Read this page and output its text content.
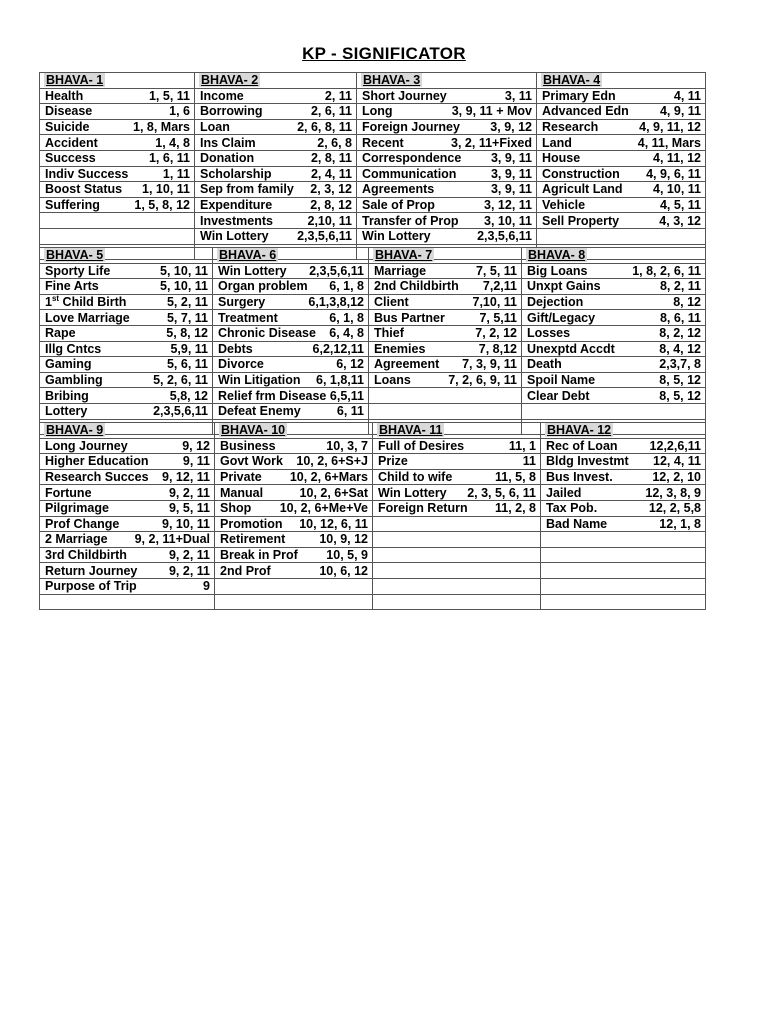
KP - SIGNIFICATOR
BHAVA- 1	BHAVA- 2	BHAVA- 3	BHAVA- 4

Health 1, 5, 11	Income 2, 11	Short Journey 3, 11	Primary Edn 4, 11

Disease 1, 6	Borrowing 2, 6, 11	Long 3, 9, 11 + Mov	Advanced Edn 4, 9, 11

Suicide 1, 8, Mars	Loan 2, 6, 8, 11	Foreign Journey 3, 9, 12	Research 4, 9, 11, 12

Accident 1, 4, 8	Ins Claim 2, 6, 8	Recent 3, 2, 11+Fixed	Land 4, 11, Mars

Success 1, 6, 11	Donation 2, 8, 11	Correspondence 3, 9, 11	House 4, 11, 12

Indiv Success 1, 11	Scholarship 2, 4, 11	Communication 3, 9, 11	Construction 4, 9, 6, 11

Boost Status 1, 10, 11	Sep from family 2, 3, 12	Agreements 3, 9, 11	Agricult Land 4, 10, 11

Suffering 1, 5, 8, 12	Expenditure 2, 8, 12	Sale of Prop 3, 12, 11	Vehicle 4, 5, 11

	Investments 2,10, 11	Transfer of Prop 3, 10, 11	Sell Property 4, 3, 12

	Win Lottery 2,3,5,6,11	Win Lottery 2,3,5,6,11	

BHAVA- 5	BHAVA- 6	BHAVA- 7	BHAVA- 8

Sporty Life 5, 10, 11	Win Lottery 2,3,5,6,11	Marriage 7, 5, 11	Big Loans 1, 8, 2, 6, 11

Fine Arts 5, 10, 11	Organ problem 6, 1, 8	2nd Childbirth 7,2,11	Unxpt Gains 8, 2, 11

1st Child Birth 5, 2, 11	Surgery 6,1,3,8,12	Client 7,10, 11	Dejection 8, 12

Love Marriage 5, 7, 11	Treatment 6, 1, 8	Bus Partner 7, 5,11	Gift/Legacy 8, 6, 11

Rape 5, 8, 12	Chronic Disease 6, 4, 8	Thief 7, 2, 12	Losses 8, 2, 12

Illg Cntcs 5,9, 11	Debts 6,2,12,11	Enemies 7, 8,12	Unexptd Accdt 8, 4, 12

Gaming 5, 6, 11	Divorce 6, 12	Agreement 7, 3, 9, 11	Death 2,3,7, 8

Gambling 5, 2, 6, 11	Win Litigation 6, 1,8,11	Loans 7, 2, 6, 9, 11	Spoil Name 8, 5, 12

Bribing 5,8, 12	Relief frm Disease 6,5,11		Clear Debt 8, 5, 12

Lottery 2,3,5,6,11	Defeat Enemy 6, 11		

BHAVA- 9	BHAVA- 10	BHAVA- 11	BHAVA- 12

Long Journey 9, 12	Business 10, 3, 7	Full of Desires 11, 1	Rec of Loan 12,2,6,11

Higher Education 9, 11	Govt Work 10, 2, 6+S+J	Prize 11	Bldg Investmt 12, 4, 11

Research Succes 9, 12, 11	Private 10, 2, 6+Mars	Child to wife 11, 5, 8	Bus Invest. 12, 2, 10

Fortune 9, 2, 11	Manual 10, 2, 6+Sat	Win Lottery 2, 3, 5, 6, 11	Jailed 12, 3, 8, 9

Pilgrimage 9, 5, 11	Shop 10, 2, 6+Me+Ve	Foreign Return 11, 2, 8	Tax Pob. 12, 2, 5,8

Prof Change 9, 10, 11	Promotion 10, 12, 6, 11		Bad Name 12, 1, 8

2 Marriage 9, 2, 11+Dual	Retirement 10, 9, 12		

3rd Childbirth 9, 2, 11	Break in Prof 10, 5, 9		

Return Journey 9, 2, 11	2nd Prof 10, 6, 12		

Purpose of Trip 9			
